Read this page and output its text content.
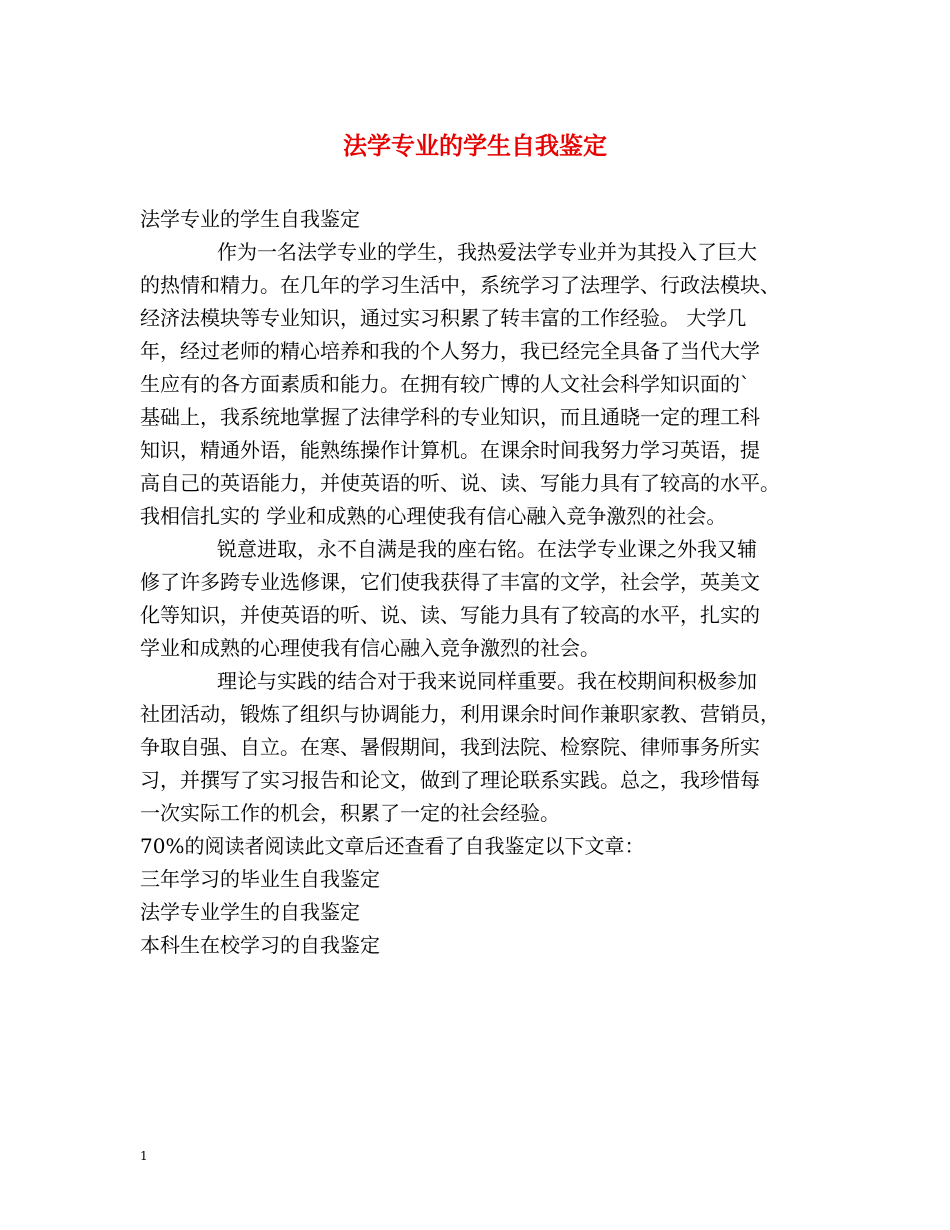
法学专业的学生自我鉴定

法学专业的学生自我鉴定

作为一名法学专业的学生，我热爱法学专业并为其投入了巨大

的热情和精力。在几年的学习生活中，系统学习了法理学、行政法模块、

经济法模块等专业知识，通过实习积累了转丰富的工作经验。 大学几

年，经过老师的精心培养和我的个人努力，我已经完全具备了当代大学

生应有的各方面素质和能力。在拥有较广博的人文社会科学知识面的`

基础上，我系统地掌握了法律学科的专业知识，而且通晓一定的理工科

知识，精通外语，能熟练操作计算机。在课余时间我努力学习英语，提

高自己的英语能力，并使英语的听、说、读、写能力具有了较高的水平。

我相信扎实的 学业和成熟的心理使我有信心融入竞争激烈的社会。

锐意进取，永不自满是我的座右铭。在法学专业课之外我又辅

修了许多跨专业选修课，它们使我获得了丰富的文学，社会学，英美文

化等知识，并使英语的听、说、读、写能力具有了较高的水平，扎实的

学业和成熟的心理使我有信心融入竞争激烈的社会。

理论与实践的结合对于我来说同样重要。我在校期间积极参加

社团活动，锻炼了组织与协调能力，利用课余时间作兼职家教、营销员，

争取自强、自立。在寒、暑假期间，我到法院、检察院、律师事务所实

习，并撰写了实习报告和论文，做到了理论联系实践。总之，我珍惜每

一次实际工作的机会，积累了一定的社会经验。

70%的阅读者阅读此文章后还查看了自我鉴定以下文章：

三年学习的毕业生自我鉴定

法学专业学生的自我鉴定

本科生在校学习的自我鉴定

1
